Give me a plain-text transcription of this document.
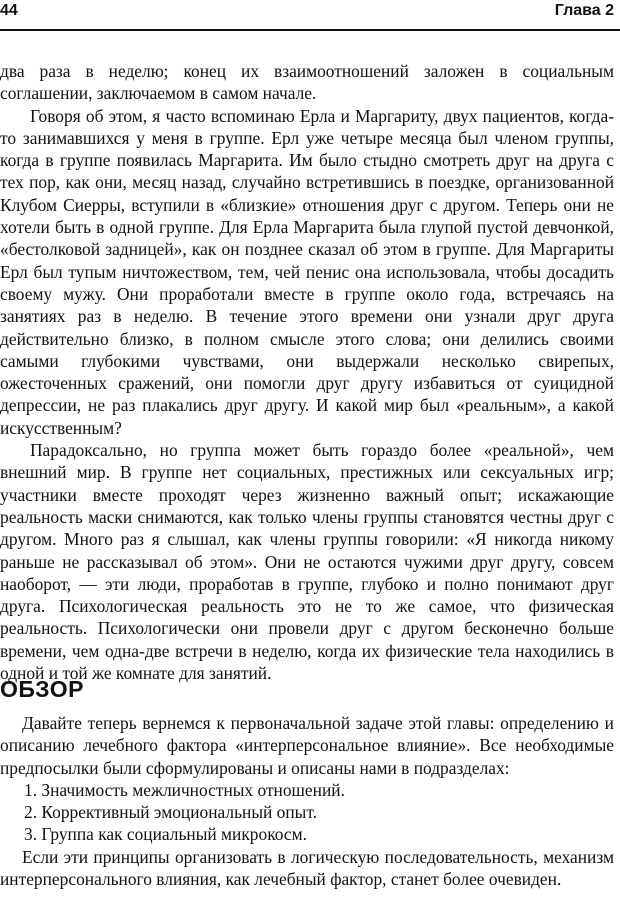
44	Глава 2

два раза в неделю; конец их взаимоотношений заложен в социальным соглашении, заключаемом в самом начале.

Говоря об этом, я часто вспоминаю Ерла и Маргариту, двух пациентов, когда-то занимавшихся у меня в группе. Ерл уже четыре месяца был членом группы, когда в группе появилась Маргарита. Им было стыдно смотреть друг на друга с тех пор, как они, месяц назад, случайно встретившись в поездке, организованной Клубом Сиерры, вступили в «близкие» отношения друг с другом. Теперь они не хотели быть в одной группе. Для Ерла Маргарита была глупой пустой девчонкой, «бестолковой задницей», как он позднее сказал об этом в группе. Для Маргариты Ерл был тупым ничтожеством, тем, чей пенис она использовала, чтобы досадить своему мужу. Они проработали вместе в группе около года, встречаясь на занятиях раз в неделю. В течение этого времени они узнали друг друга действительно близко, в полном смысле этого слова; они делились своими самыми глубокими чувствами, они выдержали несколько свирепых, ожесточенных сражений, они помогли друг другу избавиться от суицидной депрессии, не раз плакались друг другу. И какой мир был «реальным», а какой искусственным?

Парадоксально, но группа может быть гораздо более «реальной», чем внешний мир. В группе нет социальных, престижных или сексуальных игр; участники вместе проходят через жизненно важный опыт; искажающие реальность маски снимаются, как только члены группы становятся честны друг с другом. Много раз я слышал, как члены группы говорили: «Я никогда никому раньше не рассказывал об этом». Они не остаются чужими друг другу, совсем наоборот, — эти люди, проработав в группе, глубоко и полно понимают друг друга. Психологическая реальность это не то же самое, что физическая реальность. Психологически они провели друг с другом бесконечно больше времени, чем одна-две встречи в неделю, когда их физические тела находились в одной и той же комнате для занятий.

ОБЗОР

Давайте теперь вернемся к первоначальной задаче этой главы: определению и описанию лечебного фактора «интерперсональное влияние». Все необходимые предпосылки были сформулированы и описаны нами в подразделах:

1. Значимость межличностных отношений.
2. Коррективный эмоциональный опыт.
3. Группа как социальный микрокосм.

Если эти принципы организовать в логическую последовательность, механизм интерперсонального влияния, как лечебный фактор, станет более очевиден.
